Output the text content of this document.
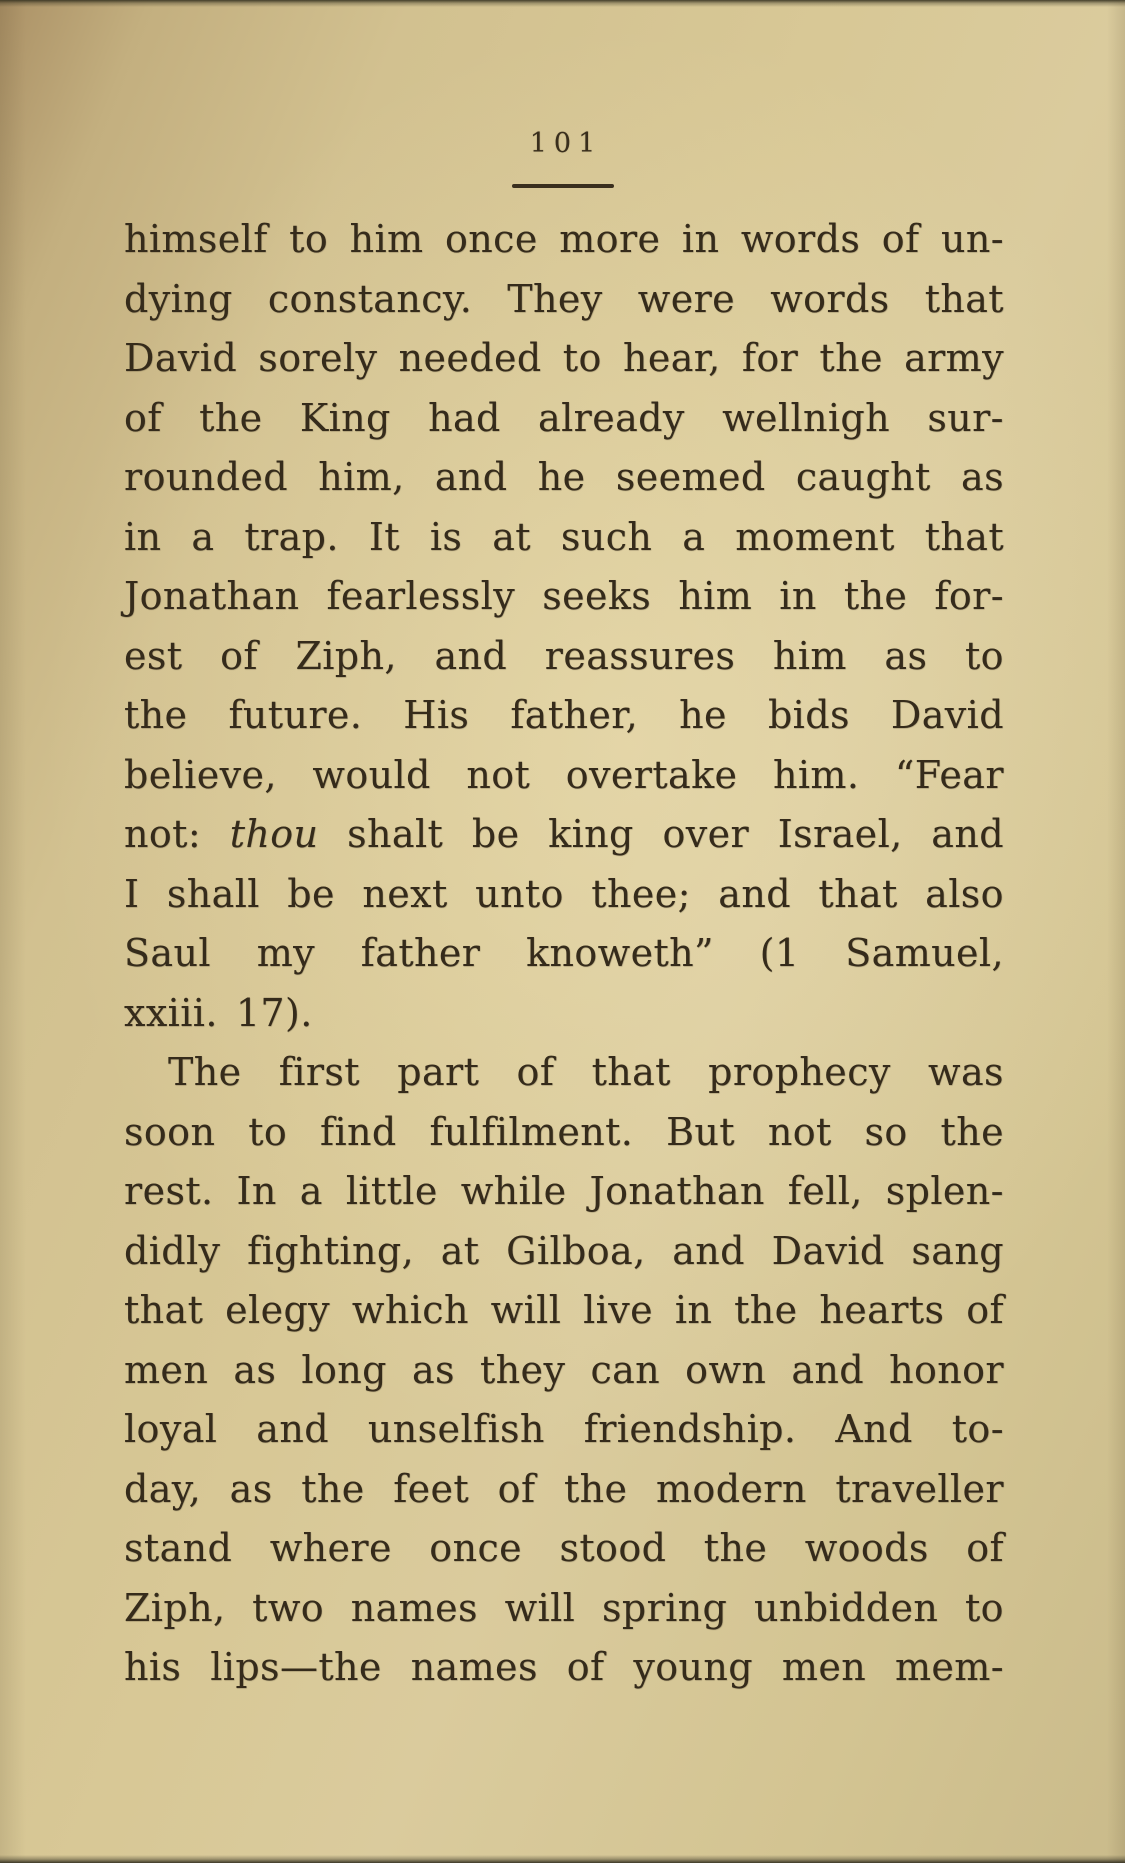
101
himself to him once more in words of un-
dying constancy. They were words that
David sorely needed to hear, for the army
of the King had already wellnigh sur-
rounded him, and he seemed caught as
in a trap. It is at such a moment that
Jonathan fearlessly seeks him in the for-
est of Ziph, and reassures him as to
the future. His father, he bids David
believe, would not overtake him. “Fear
not: thou shalt be king over Israel, and
I shall be next unto thee; and that also
Saul my father knoweth” (1 Samuel,
xxiii. 17).
The first part of that prophecy was
soon to find fulfilment. But not so the
rest. In a little while Jonathan fell, splen-
didly fighting, at Gilboa, and David sang
that elegy which will live in the hearts of
men as long as they can own and honor
loyal and unselfish friendship. And to-
day, as the feet of the modern traveller
stand where once stood the woods of
Ziph, two names will spring unbidden to
his lips—the names of young men mem-
